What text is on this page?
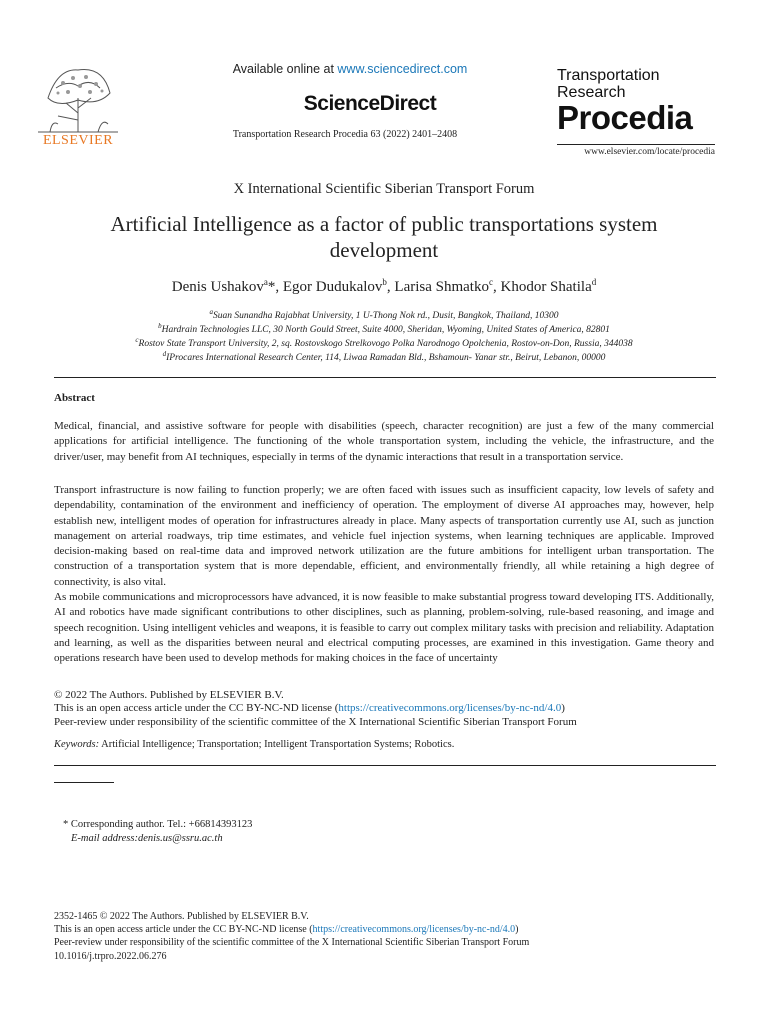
ELSEVIER
Available online at www.sciencedirect.com
ScienceDirect
Transportation Research Procedia 63 (2022) 2401–2408
Transportation
Research
Procedia
www.elsevier.com/locate/procedia
X International Scientific Siberian Transport Forum
Artificial Intelligence as a factor of public transportations system development
Denis Ushakov$^a$*, Egor Dudukalov$^b$, Larisa Shmatko$^c$, Khodor Shatila$^d$
$^a$Suan Sunandha Rajabhat University, 1 U-Thong Nok rd., Dusit, Bangkok, Thailand, 10300
$^b$Hardrain Technologies LLC, 30 North Gould Street, Suite 4000, Sheridan, Wyoming, United States of America, 82801
$^c$Rostov State Transport University, 2, sq. Rostovskogo Strelkovogo Polka Narodnogo Opolchenia, Rostov-on-Don, Russia, 344038
$^d$IProcares International Research Center, 114, Liwaa Ramadan Bld., Bshamoun- Yanar str., Beirut, Lebanon, 00000
Abstract
Medical, financial, and assistive software for people with disabilities (speech, character recognition) are just a few of the many commercial applications for artificial intelligence. The functioning of the whole transportation system, including the vehicle, the infrastructure, and the driver/user, may benefit from AI techniques, especially in terms of the dynamic interactions that result in a transportation service.
Transport infrastructure is now failing to function properly; we are often faced with issues such as insufficient capacity, low levels of safety and dependability, contamination of the environment and inefficiency of operation. The employment of diverse AI approaches may, however, help establish new, intelligent modes of operation for infrastructures already in place. Many aspects of transportation currently use AI, such as junction management on arterial roadways, trip time estimates, and vehicle fuel injection systems, when learning techniques are applicable. Improved decision-making based on real-time data and improved network utilization are the future ambitions for intelligent urban transportation. The construction of a transportation system that is more dependable, efficient, and environmentally friendly, all while retaining a high degree of connectivity, is also vital.
As mobile communications and microprocessors have advanced, it is now feasible to make substantial progress toward developing ITS. Additionally, AI and robotics have made significant contributions to other disciplines, such as planning, problem-solving, rule-based reasoning, and image and speech recognition. Using intelligent vehicles and weapons, it is feasible to carry out complex military tasks with precision and reliability. Adaptation and learning, as well as the disparities between neural and electrical computing processes, are examined in this investigation. Game theory and operations research have been used to develop methods for making choices in the face of uncertainty
© 2022 The Authors. Published by ELSEVIER B.V.
This is an open access article under the CC BY-NC-ND license (https://creativecommons.org/licenses/by-nc-nd/4.0)
Peer-review under responsibility of the scientific committee of the X International Scientific Siberian Transport Forum
Keywords: Artificial Intelligence; Transportation; Intelligent Transportation Systems; Robotics.
* Corresponding author. Tel.: +66814393123
E-mail address:denis.us@ssru.ac.th
2352-1465 © 2022 The Authors. Published by ELSEVIER B.V.
This is an open access article under the CC BY-NC-ND license (https://creativecommons.org/licenses/by-nc-nd/4.0)
Peer-review under responsibility of the scientific committee of the X International Scientific Siberian Transport Forum
10.1016/j.trpro.2022.06.276
